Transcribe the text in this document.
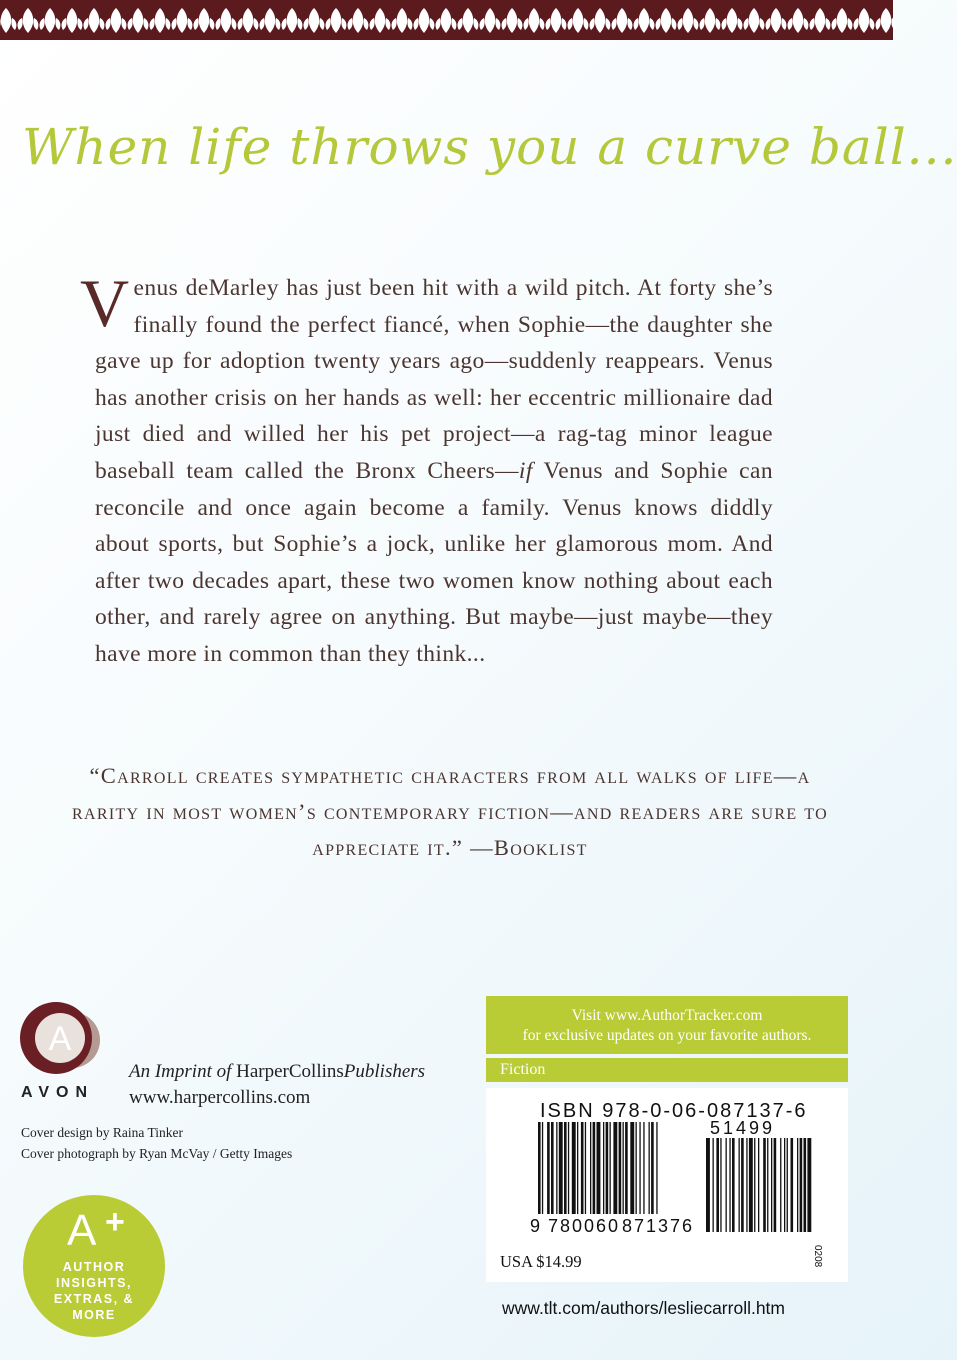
When life throws you a curve ball...

Venus deMarley has just been hit with a wild pitch. At forty she’s finally found the perfect fiancé, when Sophie—the daughter she gave up for adoption twenty years ago—suddenly reappears. Venus has another crisis on her hands as well: her eccentric millionaire dad just died and willed her his pet project—a rag-tag minor league baseball team called the Bronx Cheers—if Venus and Sophie can reconcile and once again become a family. Venus knows diddly about sports, but Sophie’s a jock, unlike her glamorous mom. And after two decades apart, these two women know nothing about each other, and rarely agree on anything. But maybe—just maybe—they have more in common than they think...

“Carroll creates sympathetic characters from all walks of life—a rarity in most women’s contemporary fiction—and readers are sure to appreciate it.” —Booklist

A
AVON
An Imprint of HarperCollinsPublishers
www.harpercollins.com
Cover design by Raina Tinker
Cover photograph by Ryan McVay / Getty Images
A +
AUTHOR
INSIGHTS,
EXTRAS, &
MORE
Visit www.AuthorTracker.com
for exclusive updates on your favorite authors.
Fiction
ISBN 978-0-06-087137-6
51499
9 780060 871376
USA $14.99	0208
www.tlt.com/authors/lesliecarroll.htm
